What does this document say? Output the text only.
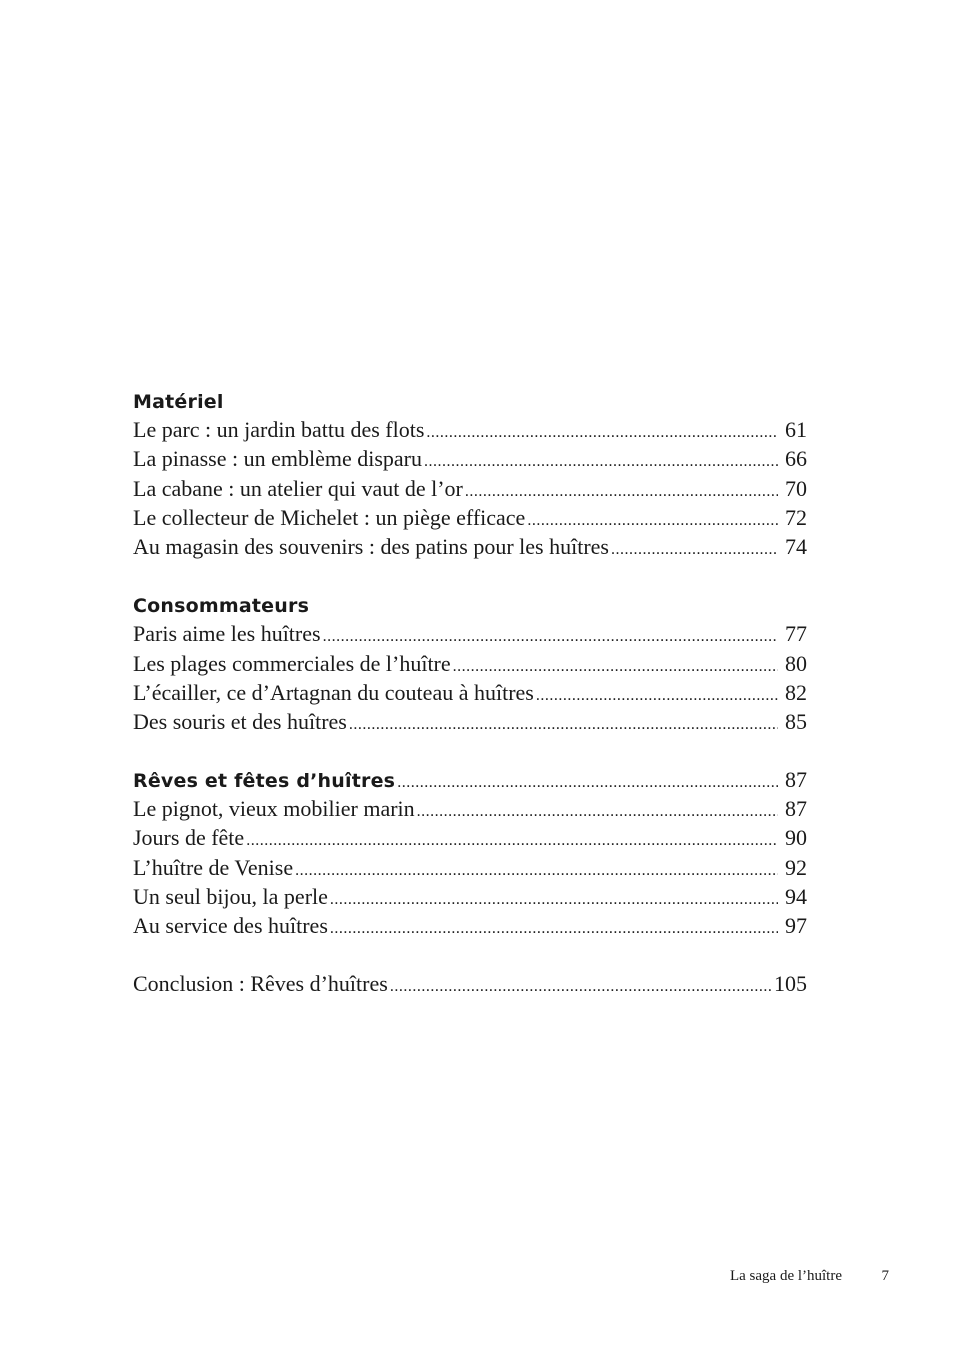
Matériel
Le parc : un jardin battu des flots .....	61
La pinasse : un emblème disparu .....	66
La cabane : un atelier qui vaut de l’or .....	70
Le collecteur de Michelet : un piège efficace .....	72
Au magasin des souvenirs : des patins pour les huîtres .....	74
Consommateurs
Paris aime les huîtres .....	77
Les plages commerciales de l’huître .....	80
L’écailler, ce d’Artagnan du couteau à huîtres .....	82
Des souris et des huîtres .....	85
Rêves et fêtes d’huîtres .....	87
Le pignot, vieux mobilier marin .....	87
Jours de fête .....	90
L’huître de Venise .....	92
Un seul bijou, la perle .....	94
Au service des huîtres .....	97
Conclusion : Rêves d’huîtres .....	105
La saga de l’huître	7
